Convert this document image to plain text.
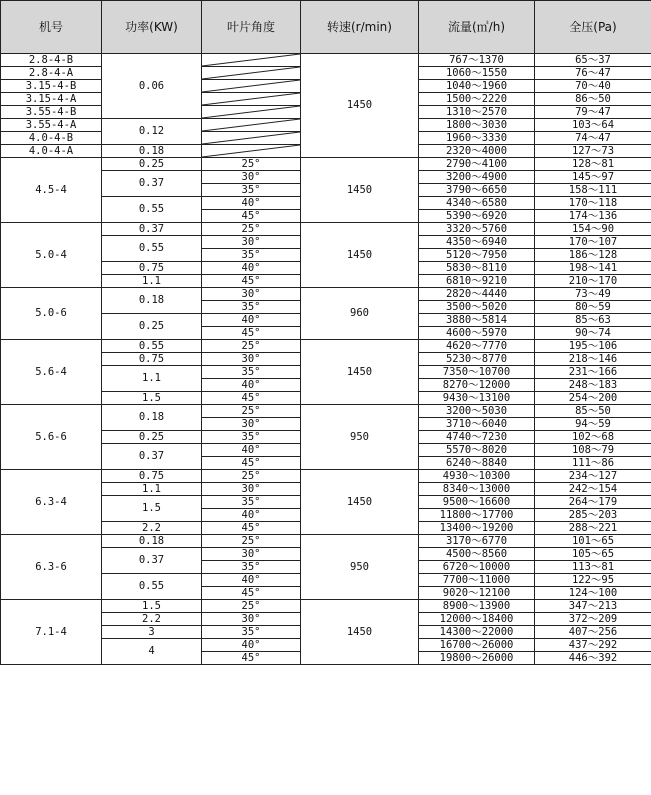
机号	功率(KW)	叶片角度	转速(r/min)	流量(㎥/h)	全压(Pa)
2.8-4-B	0.06		1450	767～1370	65～37
2.8-4-A				1060～1550	76～47
3.15-4-B				1040～1960	70～40
3.15-4-A				1500～2220	86～50
3.55-4-B				1310～2570	79～47
3.55-4-A	0.12			1800～3030	103～64
4.0-4-B				1960～3330	74～47
4.0-4-A	0.18			2320～4000	127～73
4.5-4	0.25	25°	1450	2790～4100	128～81
	0.37	30°		3200～4900	145～97
		35°		3790～6650	158～111
	0.55	40°		4340～6580	170～118
		45°		5390～6920	174～136
5.0-4	0.37	25°	1450	3320～5760	154～90
	0.55	30°		4350～6940	170～107
		35°		5120～7950	186～128
	0.75	40°		5830～8110	198～141
	1.1	45°		6810～9210	210～170
5.0-6	0.18	30°	960	2820～4440	73～49
		35°		3500～5020	80～59
	0.25	40°		3880～5814	85～63
		45°		4600～5970	90～74
5.6-4	0.55	25°	1450	4620～7770	195～106
	0.75	30°		5230～8770	218～146
	1.1	35°		7350～10700	231～166
		40°		8270～12000	248～183
	1.5	45°		9430～13100	254～200
5.6-6	0.18	25°	950	3200～5030	85～50
		30°		3710～6040	94～59
	0.25	35°		4740～7230	102～68
	0.37	40°		5570～8020	108～79
		45°		6240～8840	111～86
6.3-4	0.75	25°	1450	4930～10300	234～127
	1.1	30°		8340～13000	242～154
	1.5	35°		9500～16600	264～179
		40°		11800～17700	285～203
	2.2	45°		13400～19200	288～221
6.3-6	0.18	25°	950	3170～6770	101～65
	0.37	30°		4500～8560	105～65
		35°		6720～10000	113～81
	0.55	40°		7700～11000	122～95
		45°		9020～12100	124～100
7.1-4	1.5	25°	1450	8900～13900	347～213
	2.2	30°		12000～18400	372～209
	3	35°		14300～22000	407～256
	4	40°		16700～26000	437～292
		45°		19800～26000	446～392
